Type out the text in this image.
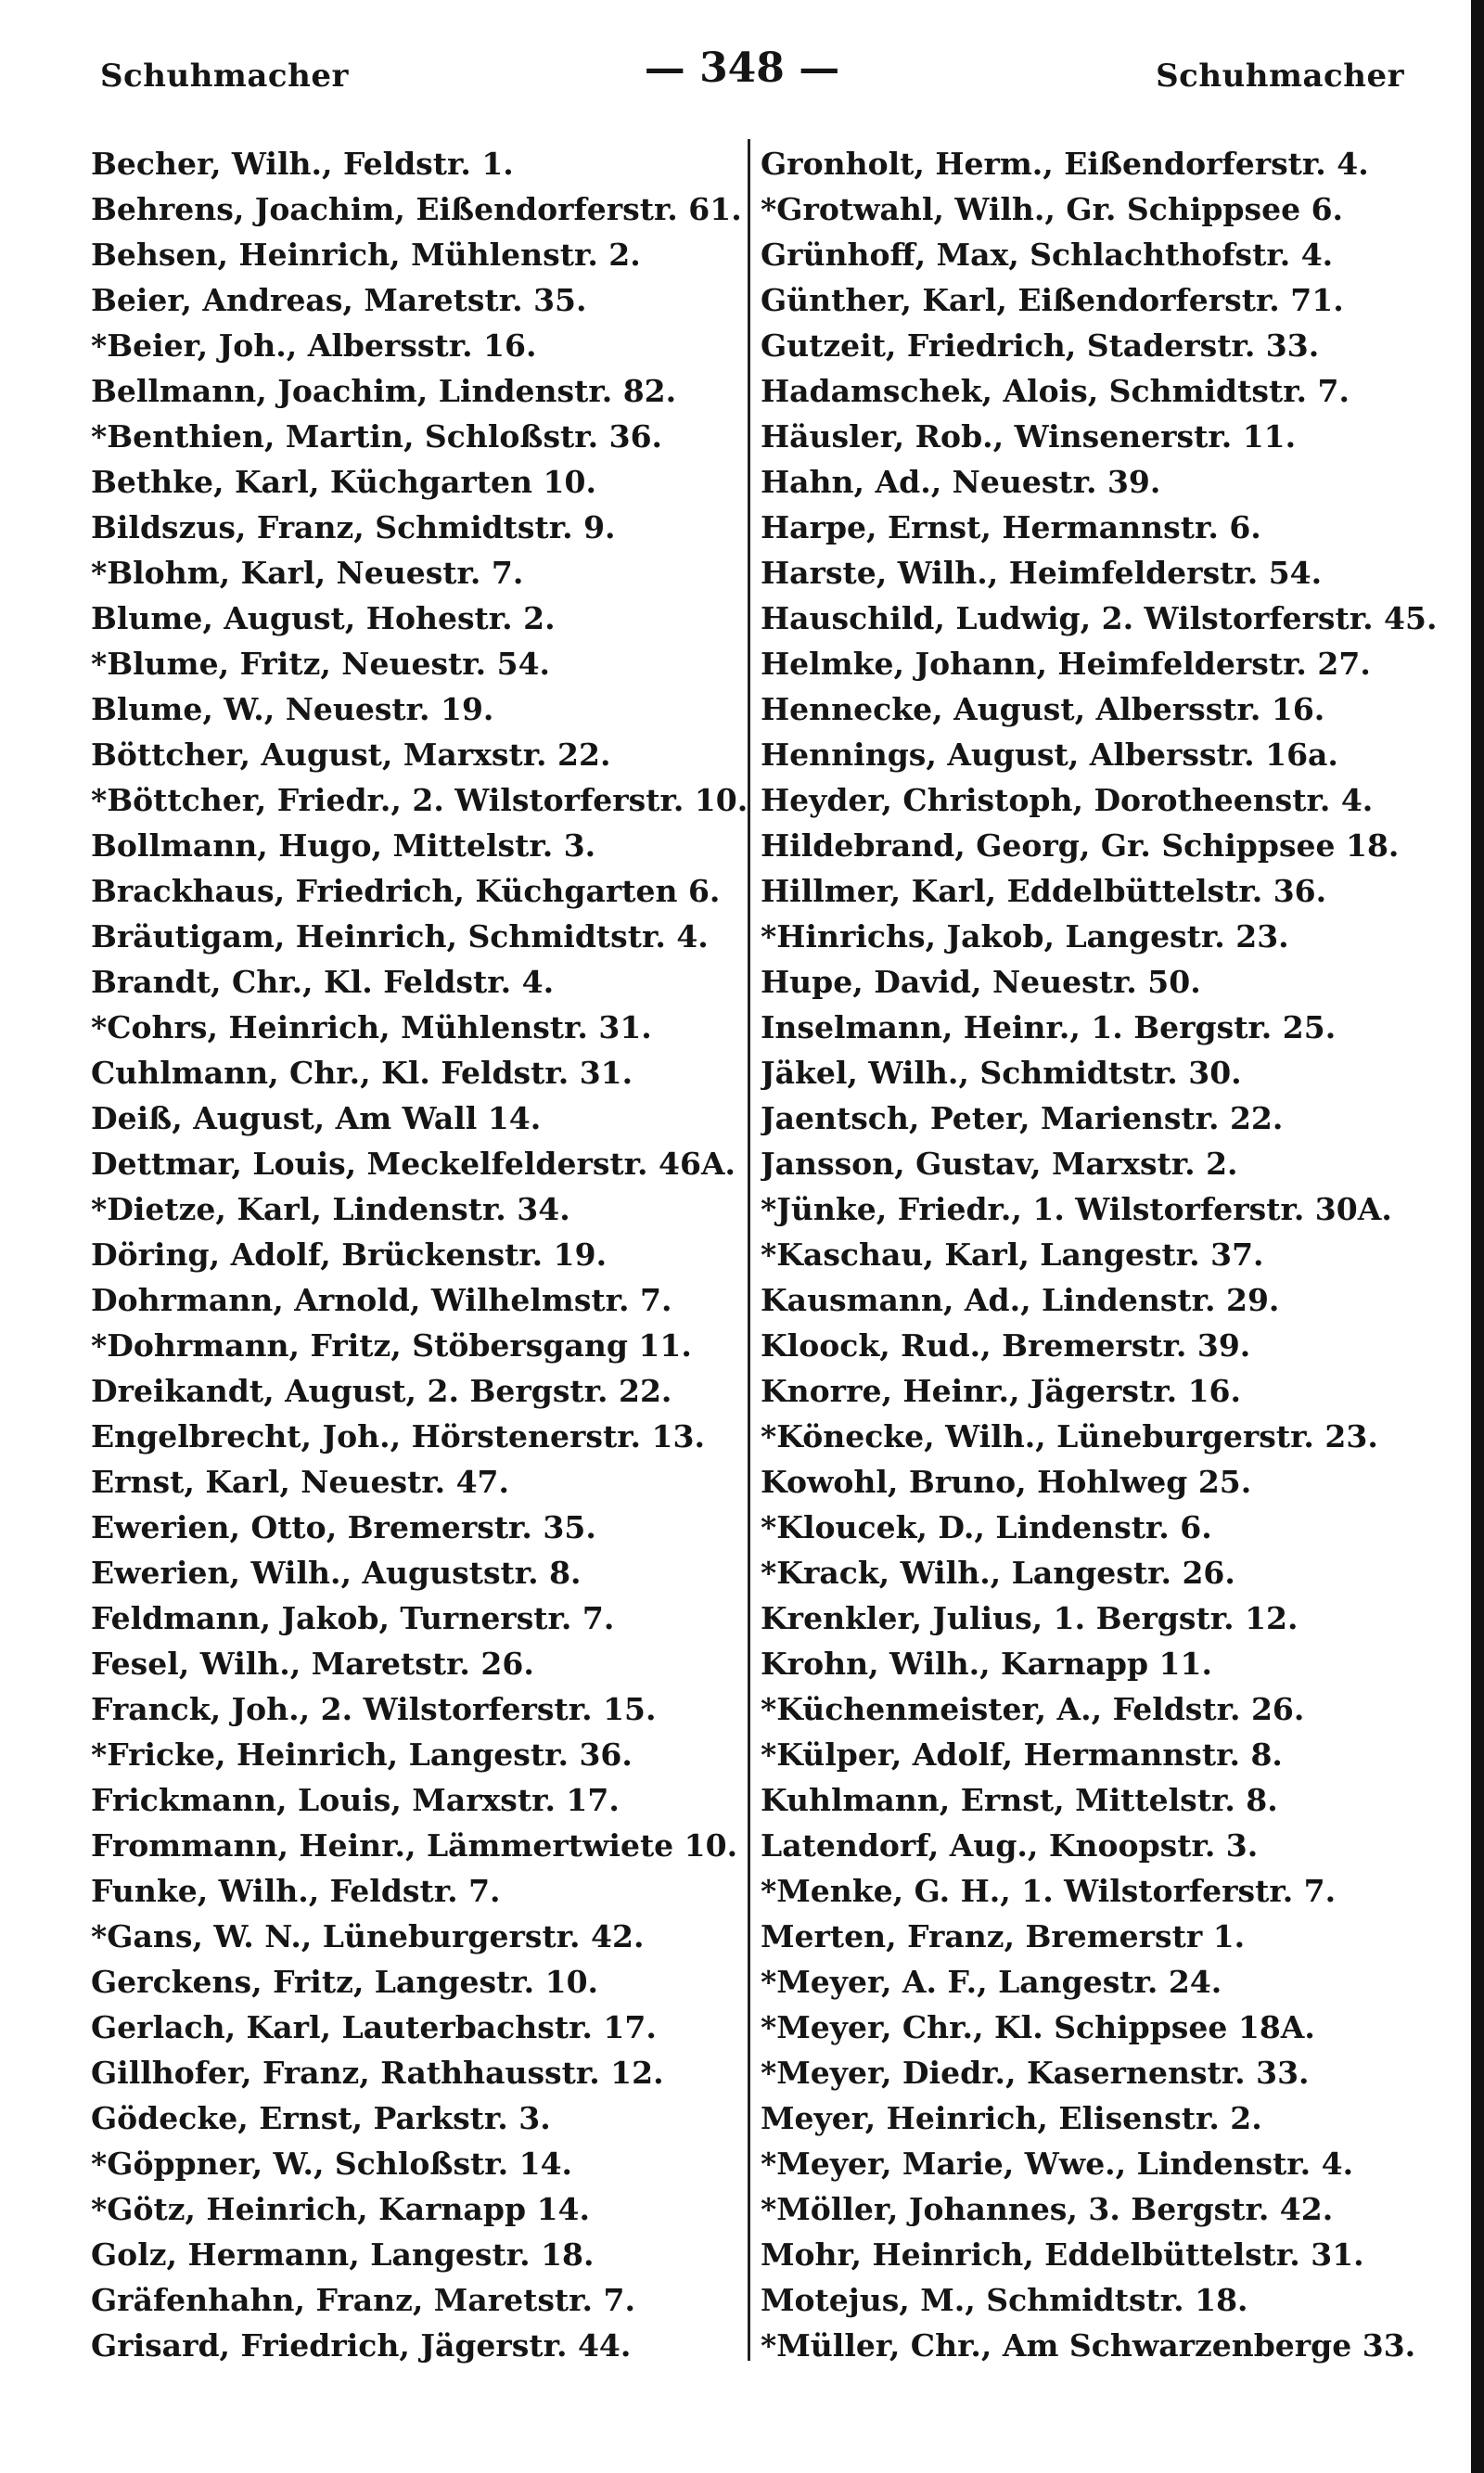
Schuhmacher	— 348 —	Schuhmacher
Becher, Wilh., Feldstr. 1.
Behrens, Joachim, Eißendorferstr. 61.
Behsen, Heinrich, Mühlenstr. 2.
Beier, Andreas, Maretstr. 35.
*Beier, Joh., Albersstr. 16.
Bellmann, Joachim, Lindenstr. 82.
*Benthien, Martin, Schloßstr. 36.
Bethke, Karl, Küchgarten 10.
Bildszus, Franz, Schmidtstr. 9.
*Blohm, Karl, Neuestr. 7.
Blume, August, Hohestr. 2.
*Blume, Fritz, Neuestr. 54.
Blume, W., Neuestr. 19.
Böttcher, August, Marxstr. 22.
*Böttcher, Friedr., 2. Wilstorferstr. 10.
Bollmann, Hugo, Mittelstr. 3.
Brackhaus, Friedrich, Küchgarten 6.
Bräutigam, Heinrich, Schmidtstr. 4.
Brandt, Chr., Kl. Feldstr. 4.
*Cohrs, Heinrich, Mühlenstr. 31.
Cuhlmann, Chr., Kl. Feldstr. 31.
Deiß, August, Am Wall 14.
Dettmar, Louis, Meckelfelderstr. 46A.
*Dietze, Karl, Lindenstr. 34.
Döring, Adolf, Brückenstr. 19.
Dohrmann, Arnold, Wilhelmstr. 7.
*Dohrmann, Fritz, Stöbersgang 11.
Dreikandt, August, 2. Bergstr. 22.
Engelbrecht, Joh., Hörstenerstr. 13.
Ernst, Karl, Neuestr. 47.
Ewerien, Otto, Bremerstr. 35.
Ewerien, Wilh., Auguststr. 8.
Feldmann, Jakob, Turnerstr. 7.
Fesel, Wilh., Maretstr. 26.
Franck, Joh., 2. Wilstorferstr. 15.
*Fricke, Heinrich, Langestr. 36.
Frickmann, Louis, Marxstr. 17.
Frommann, Heinr., Lämmertwiete 10.
Funke, Wilh., Feldstr. 7.
*Gans, W. N., Lüneburgerstr. 42.
Gerckens, Fritz, Langestr. 10.
Gerlach, Karl, Lauterbachstr. 17.
Gillhofer, Franz, Rathhausstr. 12.
Gödecke, Ernst, Parkstr. 3.
*Göppner, W., Schloßstr. 14.
*Götz, Heinrich, Karnapp 14.
Golz, Hermann, Langestr. 18.
Gräfenhahn, Franz, Maretstr. 7.
Grisard, Friedrich, Jägerstr. 44.
Gronholt, Herm., Eißendorferstr. 4.
*Grotwahl, Wilh., Gr. Schippsee 6.
Grünhoff, Max, Schlachthofstr. 4.
Günther, Karl, Eißendorferstr. 71.
Gutzeit, Friedrich, Staderstr. 33.
Hadamschek, Alois, Schmidtstr. 7.
Häusler, Rob., Winsenerstr. 11.
Hahn, Ad., Neuestr. 39.
Harpe, Ernst, Hermannstr. 6.
Harste, Wilh., Heimfelderstr. 54.
Hauschild, Ludwig, 2. Wilstorferstr. 45.
Helmke, Johann, Heimfelderstr. 27.
Hennecke, August, Albersstr. 16.
Hennings, August, Albersstr. 16a.
Heyder, Christoph, Dorotheenstr. 4.
Hildebrand, Georg, Gr. Schippsee 18.
Hillmer, Karl, Eddelbüttelstr. 36.
*Hinrichs, Jakob, Langestr. 23.
Hupe, David, Neuestr. 50.
Inselmann, Heinr., 1. Bergstr. 25.
Jäkel, Wilh., Schmidtstr. 30.
Jaentsch, Peter, Marienstr. 22.
Jansson, Gustav, Marxstr. 2.
*Jünke, Friedr., 1. Wilstorferstr. 30A.
*Kaschau, Karl, Langestr. 37.
Kausmann, Ad., Lindenstr. 29.
Kloock, Rud., Bremerstr. 39.
Knorre, Heinr., Jägerstr. 16.
*Könecke, Wilh., Lüneburgerstr. 23.
Kowohl, Bruno, Hohlweg 25.
*Kloucek, D., Lindenstr. 6.
*Krack, Wilh., Langestr. 26.
Krenkler, Julius, 1. Bergstr. 12.
Krohn, Wilh., Karnapp 11.
*Küchenmeister, A., Feldstr. 26.
*Külper, Adolf, Hermannstr. 8.
Kuhlmann, Ernst, Mittelstr. 8.
Latendorf, Aug., Knoopstr. 3.
*Menke, G. H., 1. Wilstorferstr. 7.
Merten, Franz, Bremerstr 1.
*Meyer, A. F., Langestr. 24.
*Meyer, Chr., Kl. Schippsee 18A.
*Meyer, Diedr., Kasernenstr. 33.
Meyer, Heinrich, Elisenstr. 2.
*Meyer, Marie, Wwe., Lindenstr. 4.
*Möller, Johannes, 3. Bergstr. 42.
Mohr, Heinrich, Eddelbüttelstr. 31.
Motejus, M., Schmidtstr. 18.
*Müller, Chr., Am Schwarzenberge 33.
